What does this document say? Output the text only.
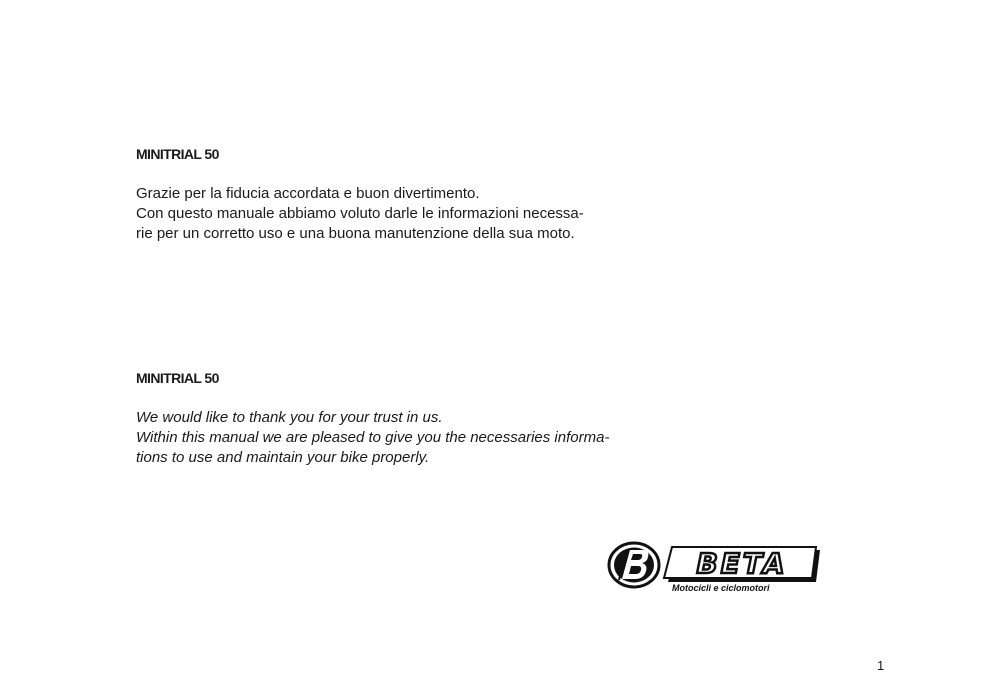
MINITRIAL 50
Grazie per la fiducia accordata e buon divertimento.
Con questo manuale abbiamo voluto darle le informazioni necessa-
rie per un corretto uso e una buona manutenzione della sua moto.
MINITRIAL 50
We would like to thank you for your trust in us.
Within this manual we are pleased to give you the necessaries informa-
tions to use and maintain your bike properly.
BETA
Motocicli e ciclomotori
1
